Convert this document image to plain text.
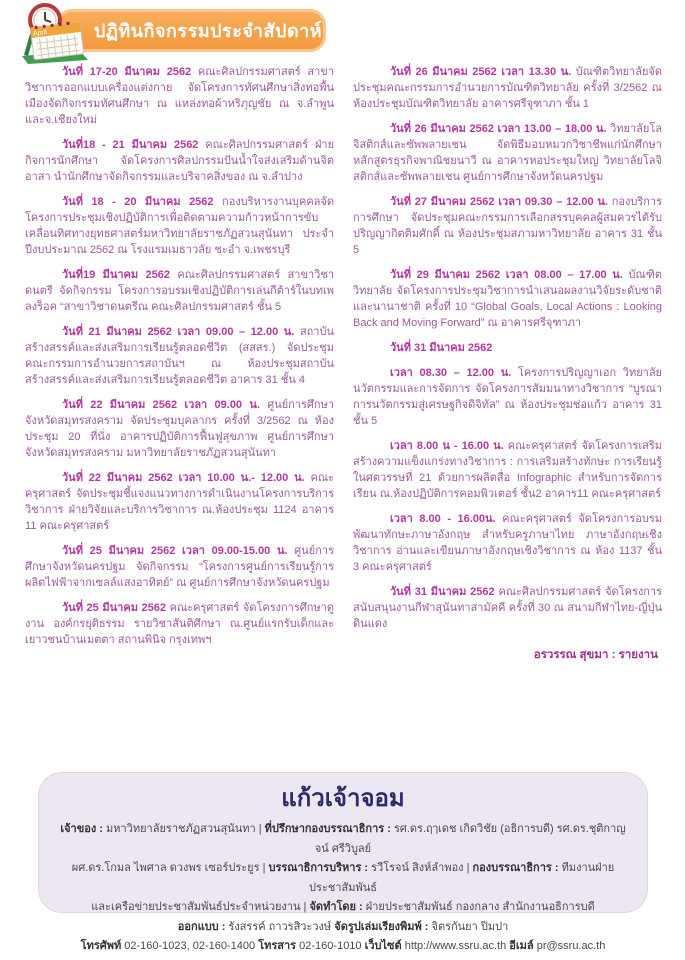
April	ปฏิทินกิจกรรมประจำสัปดาห์

วันที่ 17-20 มีนาคม 2562 คณะศิลปกรรมศาสตร์ สาขาวิชาการออกแบบเครื่องแต่งกาย จัดโครงการทัศนศึกษาสิ่งทอพื้นเมืองจัดกิจกรรมทัศนศึกษา ณ แหล่งทอผ้าหริภุญชัย ณ จ.ลำพูน และจ.เชียงใหม่

วันที่18 - 21 มีนาคม 2562 คณะศิลปกรรมศาสตร์ ฝ่ายกิจการนักศึกษา จัดโครงการศิลปกรรมปันน้ำใจส่งเสริมด้านจิตอาสา นำนักศึกษาจัดกิจกรรมและบริจาคสิ่งของ ณ จ.ลำปาง

วันที่ 18 - 20 มีนาคม 2562 กองบริหารงานบุคคลจัดโครงการประชุมเชิงปฏิบัติการเพื่อติดตามความก้าวหน้าการขับเคลื่อนทิศทางยุทธศาสตร์มหาวิทยาลัยราชภัฏสวนสุนันทา ประจำปีงบประมาณ 2562 ณ โรงแรมเมธาวลัย ชะอำ จ.เพชรบุรี

วันที่19 มีนาคม 2562 คณะศิลปกรรมศาสตร์ สาขาวิชาดนตรี จัดกิจกรรม โครงการอบรมเชิงปฏิบัติการเล่นกีต้าร์ในบทเพลงร็อค “สาขาวิชาดนตรีณ คณะศิลปกรรมศาสตร์ ชั้น 5

วันที่ 21 มีนาคม 2562 เวลา 09.00 – 12.00 น. สถาบันสร้างสรรค์และส่งเสริมการเรียนรู้ตลอดชีวิต (สสสร.) จัดประชุมคณะกรรมการอำนวยการสถาบันฯ ณ ห้องประชุมสถาบันสร้างสรรค์และส่งเสริมการเรียนรู้ตลอดชีวิต อาคาร 31 ชั้น 4

วันที่ 22 มีนาคม 2562 เวลา 09.00 น. ศูนย์การศึกษาจังหวัดสมุทรสงคราม จัดประชุมบุคลากร ครั้งที่ 3/2562 ณ ห้องประชุม 20 ที่นั่ง อาคารปฏิบัติการฟื้นฟูสุขภาพ ศูนย์การศึกษาจังหวัดสมุทรสงคราม มหาวิทยาลัยราชภัฏสวนสุนันทา

วันที่ 22 มีนาคม 2562 เวลา 10.00 น.- 12.00 น. คณะครุศาสตร์ จัดประชุมชี้แจงแนวทางการดำเนินงานโครงการบริการวิชาการ ฝ่ายวิจัยและบริการวิชาการ ณ.ห้องประชุม 1124 อาคาร 11 คณะครุศาสตร์

วันที่ 25 มีนาคม 2562 เวลา 09.00-15.00 น. ศูนย์การศึกษาจังหวัดนครปฐม จัดกิจกรรม “โครงการศูนย์การเรียนรู้การผลิตไฟฟ้าจากเซลล์แสงอาทิตย์” ณ ศูนย์การศึกษาจังหวัดนครปฐม

วันที่ 25 มีนาคม 2562 คณะครุศาสตร์ จัดโครงการศึกษาดูงาน องค์กรยุติธรรม รายวิชาสันติศึกษา ณ.ศูนย์แรกรับเด็กและเยาวชนบ้านเมตตา สถานพินิจ กรุงเทพฯ

วันที่ 26 มีนาคม 2562 เวลา 13.30 น. บัณฑิตวิทยาลัยจัดประชุมคณะกรรมการอำนวยการบัณฑิตวิทยาลัย ครั้งที่ 3/2562 ณ ห้องประชุมบัณฑิตวิทยาลัย อาคารศรีจุฑาภา ชั้น 1

วันที่ 26 มีนาคม 2562 เวลา 13.00 – 18.00 น. วิทยาลัยโลจิสติกส์และซัพพลายเชน จัดพิธีมอบหมวกวิชาชีพแก่นักศึกษาหลักสูตรธุรกิจพาณิชยนาวี ณ อาคารหอประชุมใหญ่ วิทยาลัยโลจิสติกส์และซัพพลายเชน ศูนย์การศึกษาจังหวัดนครปฐม

วันที่ 27 มีนาคม 2562 เวลา 09.30 – 12.00 น. กองบริการการศึกษา จัดประชุมคณะกรรมการเลือกสรรบุคคลผู้สมควรได้รับปริญญากิตติมศักดิ์ ณ ห้องประชุมสภามหาวิทยาลัย อาคาร 31 ชั้น 5

วันที่ 29 มีนาคม 2562 เวลา 08.00 – 17.00 น. บัณฑิตวิทยาลัย จัดโครงการประชุมวิชาการนำเสนอผลงานวิจัยระดับชาติและนานาชาติ ครั้งที่ 10 “Global Goals, Local Actions : Looking Back and Moving Forward” ณ อาคารศรีจุฑาภา

วันที่ 31 มีนาคม 2562

เวลา 08.30 – 12.00 น. โครงการปริญญาเอก วิทยาลัยนวัตกรรมและการจัดการ จัดโครงการสัมมนาทางวิชาการ “บูรณาการนวัตกรรมสู่เศรษฐกิจดิจิทัล” ณ ห้องประชุมช่อแก้ว อาคาร 31 ชั้น 5

เวลา 8.00 น - 16.00 น. คณะครุศาสตร์ จัดโครงการเสริมสร้างความแข็งแกร่งทางวิชาการ : การเสริมสร้างทักษะ การเรียนรู้ในศตวรรษที่ 21 ด้วยการผลิตสื่อ Infographic สำหรับการจัดการเรียน ณ.ห้องปฏิบัติการคอมพิวเตอร์ ชั้น2 อาคาร11 คณะครุศาสตร์

เวลา 8.00 - 16.00น. คณะครุศาสตร์ จัดโครงการอบรมพัฒนาทักษะภาษาอังกฤษ สำหรับครูภาษาไทย ภาษาอังกฤษเชิงวิชาการ อ่านและเขียนภาษาอังกฤษเชิงวิชาการ ณ ห้อง 1137 ชั้น 3 คณะครุศาสตร์

วันที่ 31 มีนาคม 2562 คณะศิลปกรรมศาสตร์ จัดโครงการสนับสนุนงานกีฬาสุนันทาสามัคคี ครั้งที่ 30 ณ สนามกีฬาไทย-ญี่ปุ่น ดินแดง

อรวรรณ สุขมา : รายงาน

แก้วเจ้าจอม

เจ้าของ : มหาวิทยาลัยราชภัฏสวนสุนันทา | ที่ปรึกษากองบรรณาธิการ : รศ.ดร.ฤๅเดช เกิดวิชัย (อธิการบดี) รศ.ดร.ชุติกาญจน์ ศรีวิบูลย์

ผศ.ดร.โกมล ไพศาล ดวงพร เซอร์ประยูร | บรรณาธิการบริหาร : รวีโรจน์ สิงห์ลำพอง | กองบรรณาธิการ : ทีมงานฝ่ายประชาสัมพันธ์

และเครือข่ายประชาสัมพันธ์ประจำหน่วยงาน | จัดทำโดย : ฝ่ายประชาสัมพันธ์ กองกลาง สำนักงานอธิการบดี

ออกแบบ : รังสรรค์ ถาวรสิวะวงษ์ จัดรูปเล่มเรียงพิมพ์ : จิตรกันยา ปิมปา

โทรศัพท์ 02-160-1023, 02-160-1400 โทรสาร 02-160-1010 เว็บไซต์ http://www.ssru.ac.th อีเมล์ pr@ssru.ac.th
